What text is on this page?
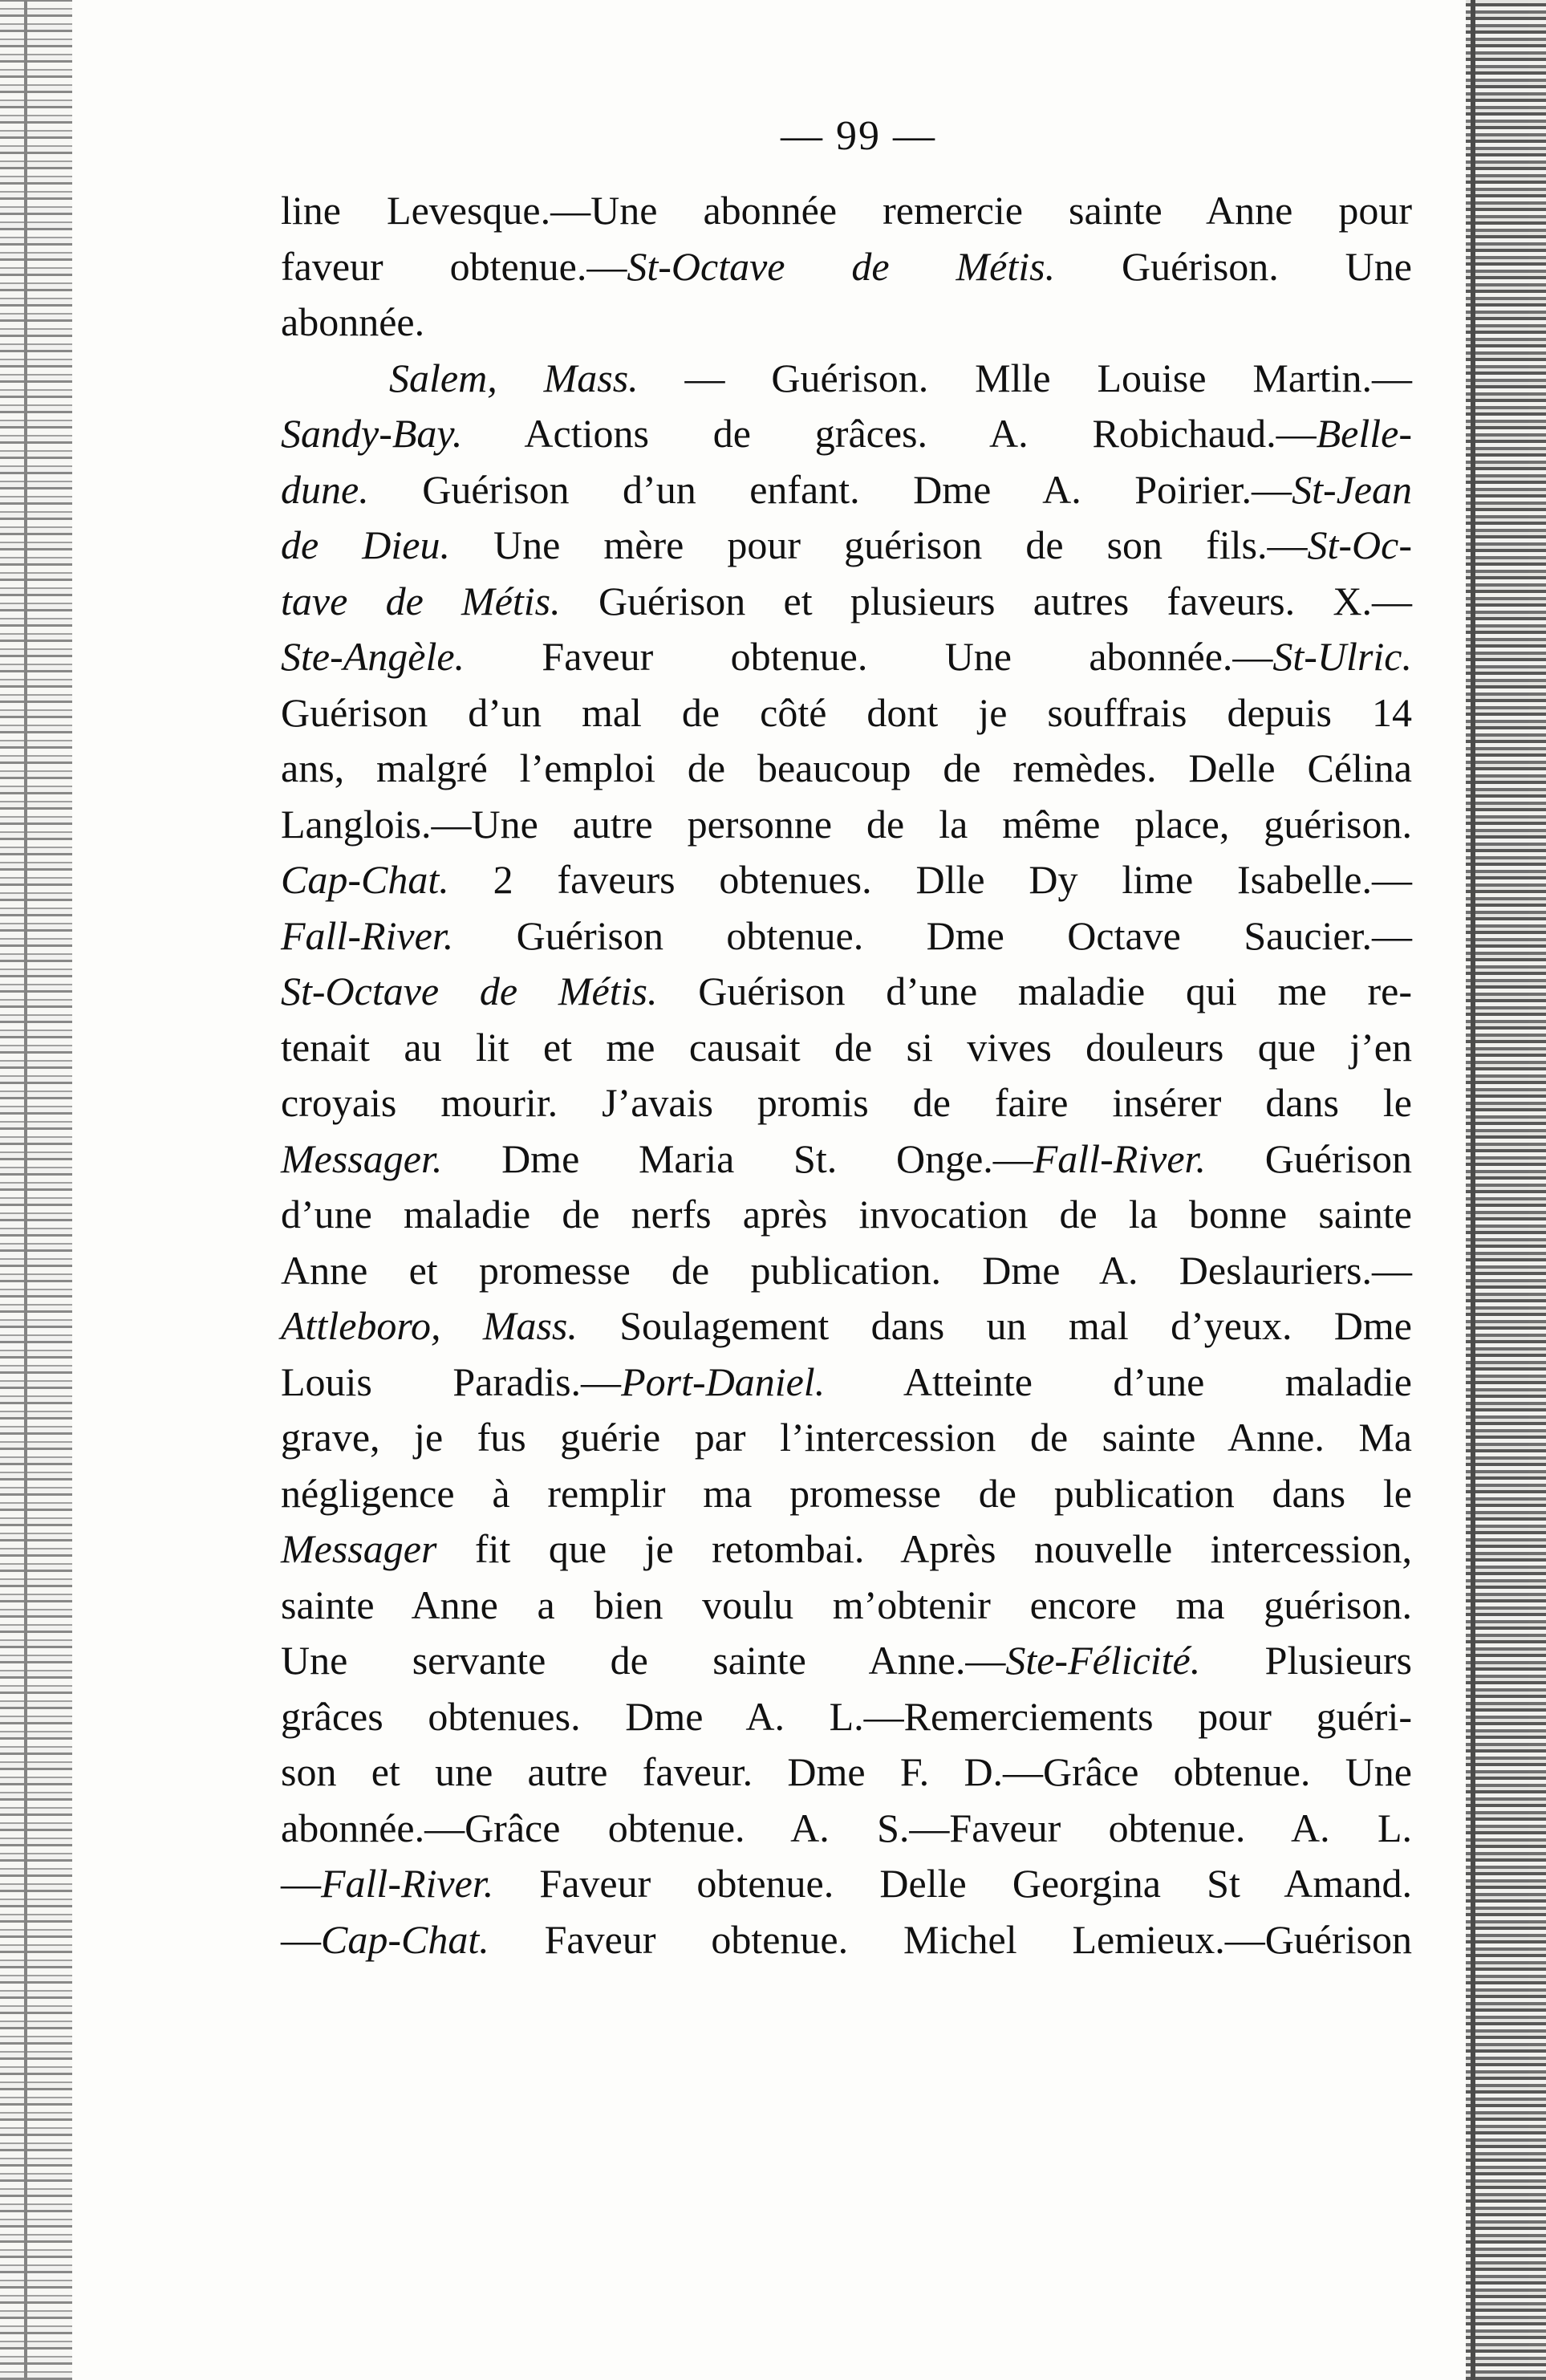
— 99 —
line Levesque.—Une abonnée remercie sainte Anne pour
faveur obtenue.—St-Octave de Métis. Guérison. Une
abonnée.
Salem, Mass. — Guérison. Mlle Louise Martin.—
Sandy-Bay. Actions de grâces. A. Robichaud.—Belle-
dune. Guérison d’un enfant. Dme A. Poirier.—St-Jean
de Dieu. Une mère pour guérison de son fils.—St-Oc-
tave de Métis. Guérison et plusieurs autres faveurs. X.—
Ste-Angèle. Faveur obtenue. Une abonnée.—St-Ulric.
Guérison d’un mal de côté dont je souffrais depuis 14
ans, malgré l’emploi de beaucoup de remèdes. Delle Célina
Langlois.—Une autre personne de la même place, guérison.
Cap-Chat. 2 faveurs obtenues. Dlle Dy lime Isabelle.—
Fall-River. Guérison obtenue. Dme Octave Saucier.—
St-Octave de Métis. Guérison d’une maladie qui me re-
tenait au lit et me causait de si vives douleurs que j’en
croyais mourir. J’avais promis de faire insérer dans le
Messager. Dme Maria St. Onge.—Fall-River. Guérison
d’une maladie de nerfs après invocation de la bonne sainte
Anne et promesse de publication. Dme A. Deslauriers.—
Attleboro, Mass. Soulagement dans un mal d’yeux. Dme
Louis Paradis.—Port-Daniel. Atteinte d’une maladie
grave, je fus guérie par l’intercession de sainte Anne. Ma
négligence à remplir ma promesse de publication dans le
Messager fit que je retombai. Après nouvelle intercession,
sainte Anne a bien voulu m’obtenir encore ma guérison.
Une servante de sainte Anne.—Ste-Félicité. Plusieurs
grâces obtenues. Dme A. L.—Remerciements pour guéri-
son et une autre faveur. Dme F. D.—Grâce obtenue. Une
abonnée.—Grâce obtenue. A. S.—Faveur obtenue. A. L.
—Fall-River. Faveur obtenue. Delle Georgina St Amand.
—Cap-Chat. Faveur obtenue. Michel Lemieux.—Guérison
